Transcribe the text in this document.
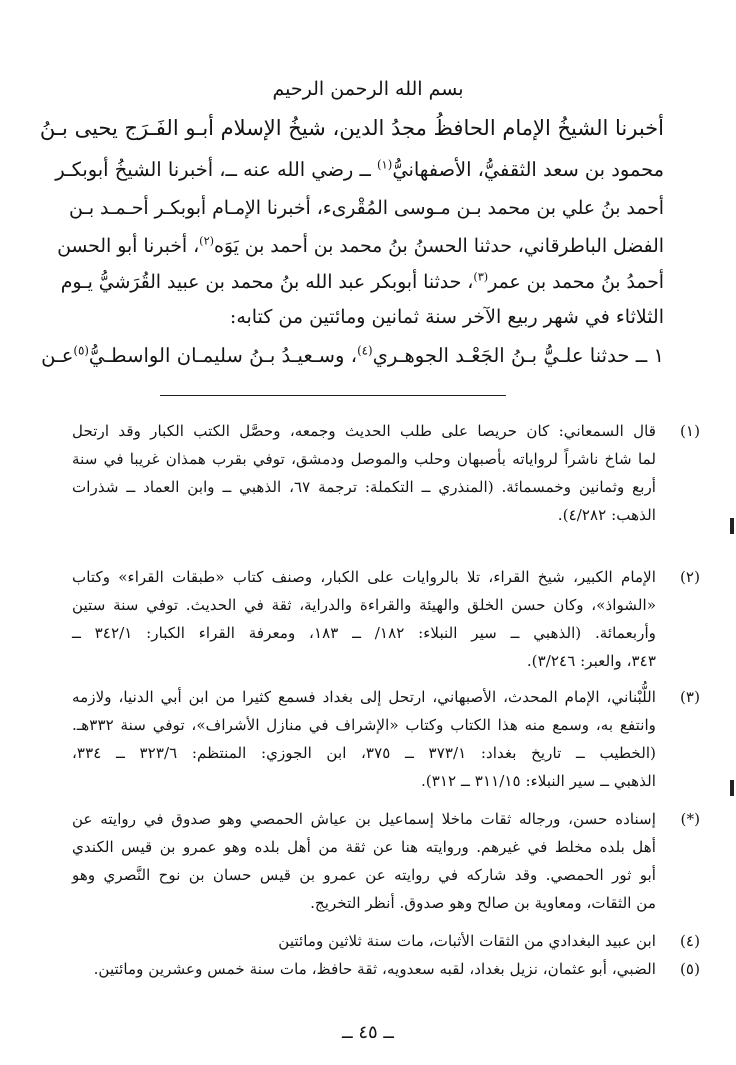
بسم الله الرحمن الرحيم
أخبرنا الشيخُ الإمام الحافظُ مجدُ الدين، شيخُ الإسلام أبـو الفَـرَج يحيى بـنُ
محمود بن سعد الثقفيُّ، الأصفهانيُّ$^{(١)}$ ــ رضي الله عنه ــ، أخبرنا الشيخُ أبوبكـر
أحمد بنُ علي بن محمد بـن مـوسى المُقْرىء، أخبرنا الإمـام أبوبكـر أحـمـد بـن
الفضل الباطرقاني، حدثنا الحسنُ بنُ محمد بن أحمد بن يَوَه$^{(٢)}$، أخبرنا أبو الحسن
أحمدُ بنُ محمد بن عمر$^{(٣)}$، حدثنا أبوبكر عبد الله بنُ محمد بن عبيد القُرَشيُّ يـوم
الثلاثاء في شهر ربيع الآخر سنة ثمانين ومائتين من كتابه:
١ ــ حدثنا علـيُّ بـنُ الجَعْـد الجوهـري$^{(٤)}$، وسـعيـدُ بـنُ سليمـان الواسطـيُّ$^{(٥)}$عـن
(١)
قال السمعاني: كان حريصا على طلب الحديث وجمعه، وحصَّل الكتب الكبار وقد ارتحل
لما شاخ ناشراً لرواياته بأصبهان وحلب والموصل ودمشق، توفي بقرب همذان غريبا في سنة
أربع وثمانين وخمسمائة. (المنذري ــ التكملة: ترجمة ٦٧، الذهبي ــ وابن العماد ــ شذرات
الذهب: ٤/٢٨٢).
(٢)
الإمام الكبير، شيخ القراء، تلا بالروايات على الكبار، وصنف كتاب «طبقات القراء» وكتاب
«الشواذ»، وكان حسن الخلق والهيئة والقراءة والدراية، ثقة في الحديث. توفي سنة ستين
وأربعمائة. (الذهبي ــ سير النبلاء: ١٨٢/ ــ ١٨٣، ومعرفة القراء الكبار: ٣٤٢/١ ــ
٣٤٣، والعبر: ٣/٢٤٦).
(٣)
اللُّبْناني، الإمام المحدث، الأصبهاني، ارتحل إلى بغداد فسمع كثيرا من ابن أبي الدنيا، ولازمه
وانتفع به، وسمع منه هذا الكتاب وكتاب «الإشراف في منازل الأشراف»، توفي سنة ٣٣٢هـ.
(الخطيب ــ تاريخ بغداد: ٣٧٣/١ ــ ٣٧٥، ابن الجوزي: المنتظم: ٣٢٣/٦ ــ ٣٣٤،
الذهبي ــ سير النبلاء: ٣١١/١٥ ــ ٣١٢).
(*)
إسناده حسن، ورجاله ثقات ماخلا إسماعيل بن عياش الحمصي وهو صدوق في روايته عن
أهل بلده مخلط في غيرهم. وروايته هنا عن ثقة من أهل بلده وهو عمرو بن قيس الكندي
أبو ثور الحمصي. وقد شاركه في روايته عن عمرو بن قيس حسان بن نوح النَّصري وهو
من الثقات، ومعاوية بن صالح وهو صدوق. أنظر التخريج.
(٤)
ابن عبيد البغدادي من الثقات الأثبات، مات سنة ثلاثين ومائتين
(٥)
الضبي، أبو عثمان، نزيل بغداد، لقبه سعدويه، ثقة حافظ، مات سنة خمس وعشرين ومائتين.
ــ ٤٥ ــ
